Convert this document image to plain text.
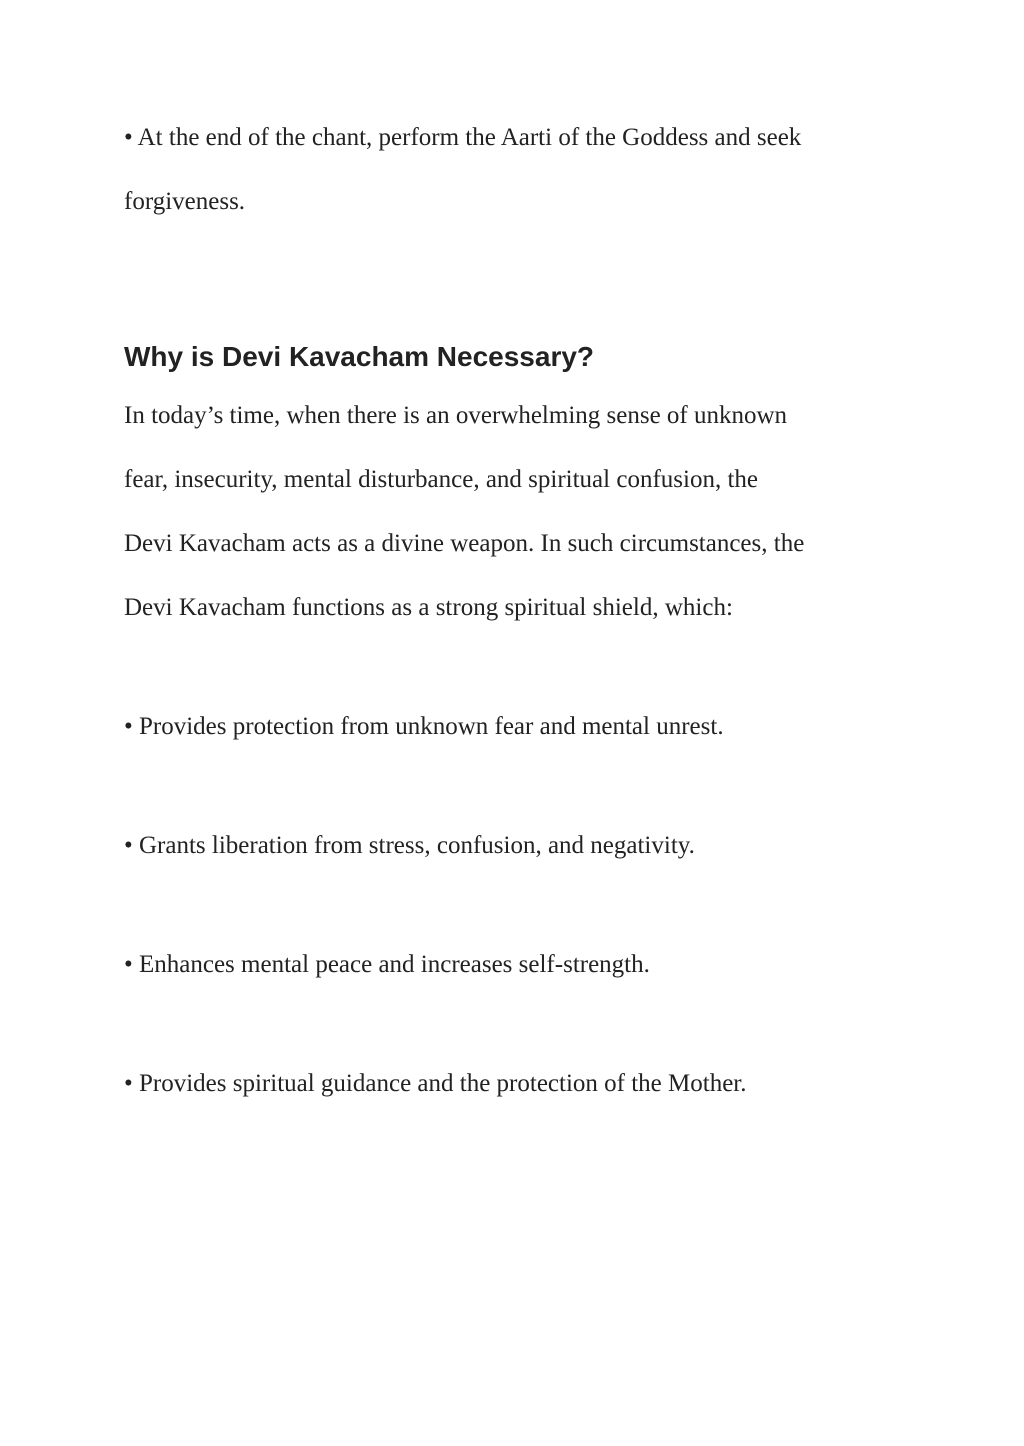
• At the end of the chant, perform the Aarti of the Goddess and seek

forgiveness.

Why is Devi Kavacham Necessary?

In today’s time, when there is an overwhelming sense of unknown

fear, insecurity, mental disturbance, and spiritual confusion, the

Devi Kavacham acts as a divine weapon. In such circumstances, the

Devi Kavacham functions as a strong spiritual shield, which:

• Provides protection from unknown fear and mental unrest.

• Grants liberation from stress, confusion, and negativity.

• Enhances mental peace and increases self-strength.

• Provides spiritual guidance and the protection of the Mother.
